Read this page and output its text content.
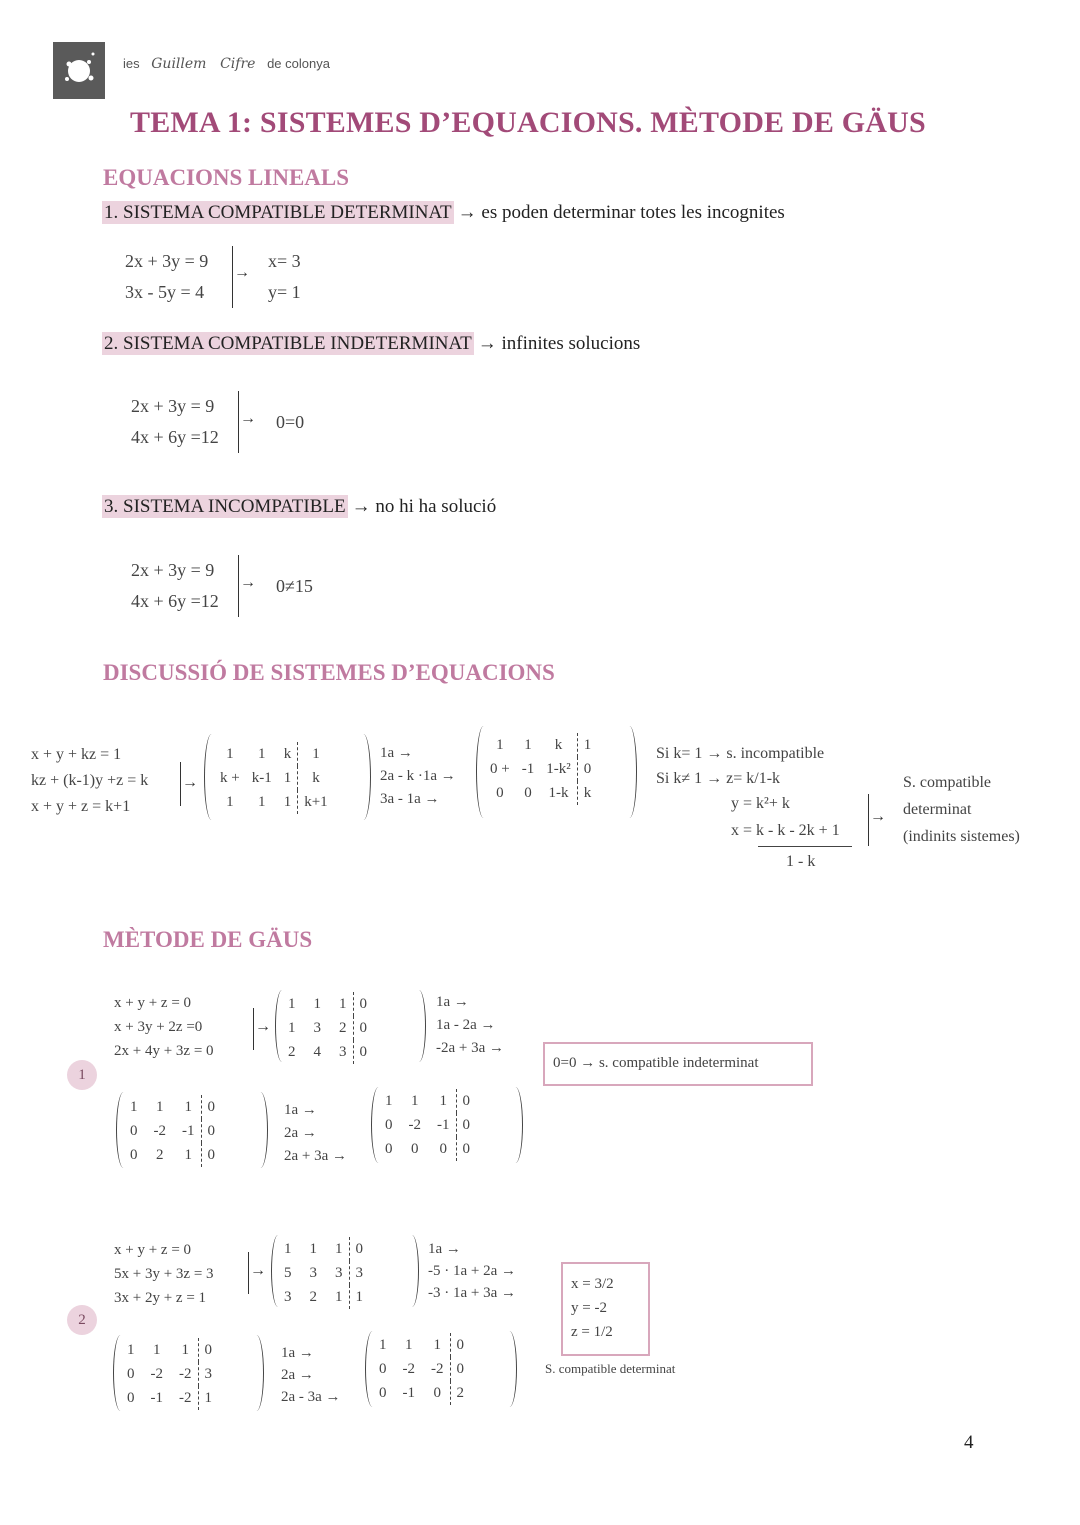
ies Guillem Cifre de colonya
TEMA 1: SISTEMES D’EQUACIONS. MÈTODE DE GÄUS
EQUACIONS LINEALS
1. SISTEMA COMPATIBLE DETERMINAT → es poden determinar totes les incognites
2x + 3y = 9
3x - 5y = 4
→
x= 3
y= 1
2. SISTEMA COMPATIBLE INDETERMINAT → infinites solucions
2x + 3y = 9
4x + 6y =12
→ 0=0
3. SISTEMA INCOMPATIBLE → no hi ha solució
2x + 3y = 9
4x + 6y =12
→ 0≠15
DISCUSSIÓ DE SISTEMES D’EQUACIONS
x + y + kz = 1
kz + (k-1)y +z = k
x + y + z = k+1
→
1	1	k	1
k +	k-1	1	k
1	1	1	k+1
1a →
2a - k ·1a →
3a - 1a →
1	1	k	1
0 +	-1	1-k²	0
0	0	1-k	k
Si k= 1 → s. incompatible
Si k≠ 1 → z= k/1-k
y = k²+ k
x = k - k - 2k + 1
1 - k
→
S. compatible
determinat
(indinits sistemes)
MÈTODE DE GÄUS
1
x + y + z = 0
x + 3y + 2z =0
2x + 4y + 3z = 0
→
1	1	1	0
1	3	2	0
2	4	3	0
1a →
1a - 2a →
-2a + 3a →
0=0 → s. compatible indeterminat
1	1	1	0
0	-2	-1	0
0	2	1	0
1a →
2a →
2a + 3a →
1	1	1	0
0	-2	-1	0
0	0	0	0
2
x + y + z = 0
5x + 3y + 3z = 3
3x + 2y + z = 1
→
1	1	1	0
5	3	3	3
3	2	1	1
1a →
-5 · 1a + 2a →
-3 · 1a + 3a →
x = 3/2
y = -2
z = 1/2
S. compatible determinat
1	1	1	0
0	-2	-2	3
0	-1	-2	1
1a →
2a →
2a - 3a →
1	1	1	0
0	-2	-2	0
0	-1	0	2
4
